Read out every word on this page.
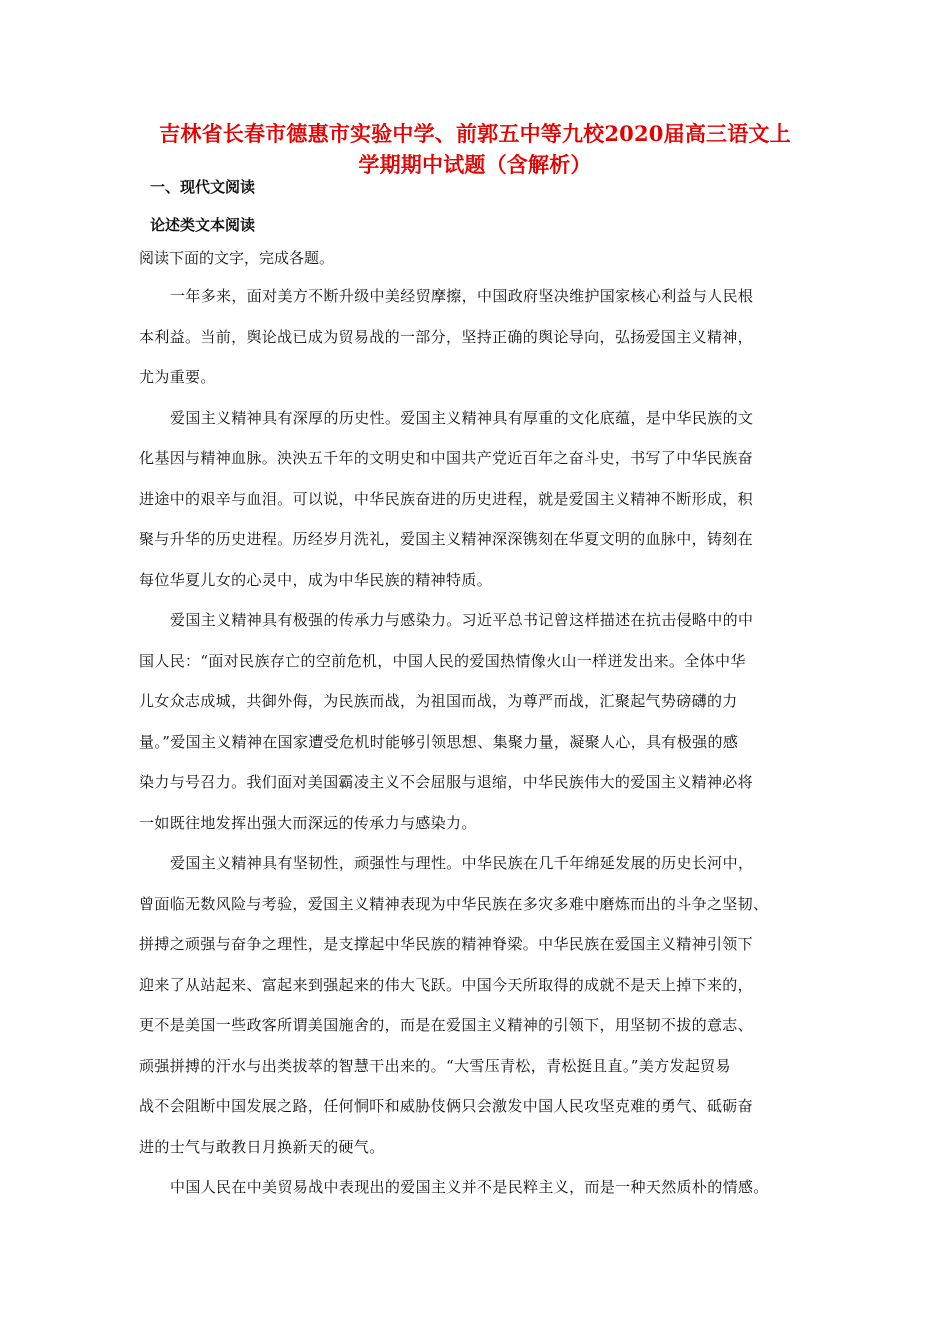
吉林省长春市德惠市实验中学、前郭五中等九校2020届高三语文上
学期期中试题（含解析）
一、现代文阅读
论述类文本阅读
阅读下面的文字，完成各题。
一年多来，面对美方不断升级中美经贸摩擦，中国政府坚决维护国家核心利益与人民根
本利益。当前，舆论战已成为贸易战的一部分，坚持正确的舆论导向，弘扬爱国主义精神，
尤为重要。
爱国主义精神具有深厚的历史性。爱国主义精神具有厚重的文化底蕴，是中华民族的文
化基因与精神血脉。泱泱五千年的文明史和中国共产党近百年之奋斗史，书写了中华民族奋
进途中的艰辛与血泪。可以说，中华民族奋进的历史进程，就是爱国主义精神不断形成，积
聚与升华的历史进程。历经岁月洗礼，爱国主义精神深深镌刻在华夏文明的血脉中，铸刻在
每位华夏儿女的心灵中，成为中华民族的精神特质。
爱国主义精神具有极强的传承力与感染力。习近平总书记曾这样描述在抗击侵略中的中
国人民：“面对民族存亡的空前危机，中国人民的爱国热情像火山一样迸发出来。全体中华
儿女众志成城，共御外侮，为民族而战，为祖国而战，为尊严而战，汇聚起气势磅礴的力
量。”爱国主义精神在国家遭受危机时能够引领思想、集聚力量，凝聚人心，具有极强的感
染力与号召力。我们面对美国霸凌主义不会屈服与退缩，中华民族伟大的爱国主义精神必将
一如既往地发挥出强大而深远的传承力与感染力。
爱国主义精神具有坚韧性，顽强性与理性。中华民族在几千年绵延发展的历史长河中，
曾面临无数风险与考验，爱国主义精神表现为中华民族在多灾多难中磨炼而出的斗争之坚韧、
拼搏之顽强与奋争之理性，是支撑起中华民族的精神脊梁。中华民族在爱国主义精神引领下
迎来了从站起来、富起来到强起来的伟大飞跃。中国今天所取得的成就不是天上掉下来的，
更不是美国一些政客所谓美国施舍的，而是在爱国主义精神的引领下，用坚韧不拔的意志、
顽强拼搏的汗水与出类拔萃的智慧干出来的。“大雪压青松，青松挺且直。”美方发起贸易
战不会阻断中国发展之路，任何恫吓和威胁伎俩只会激发中国人民攻坚克难的勇气、砥砺奋
进的士气与敢教日月换新天的硬气。
中国人民在中美贸易战中表现出的爱国主义并不是民粹主义，而是一种天然质朴的情感。
